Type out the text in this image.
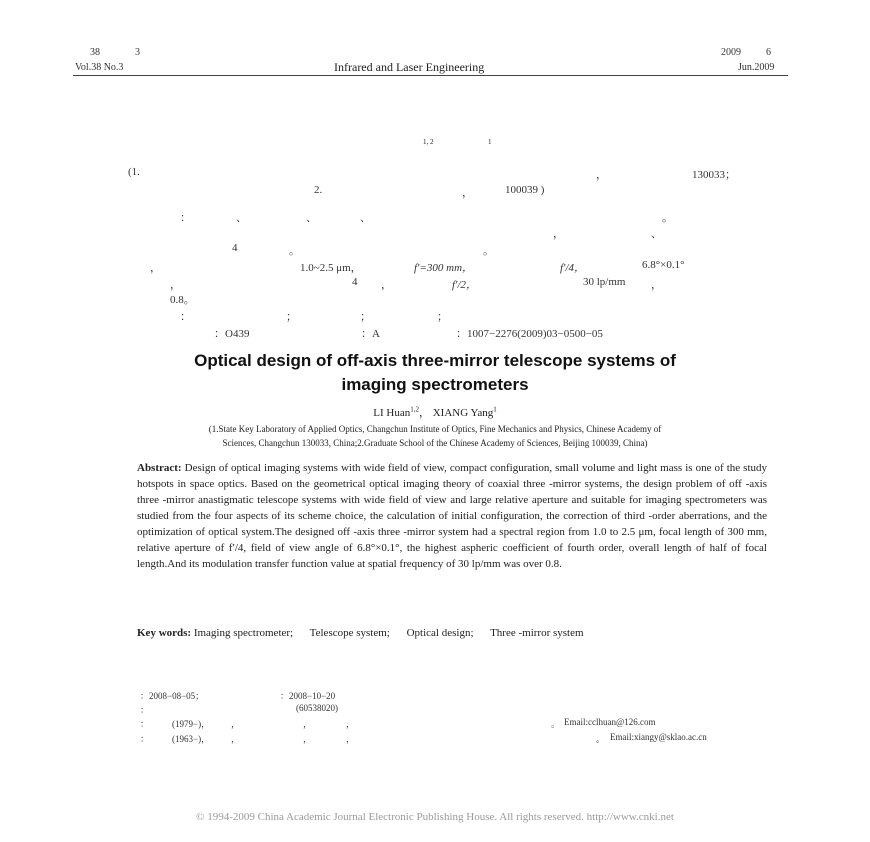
38	3	2009	6
Vol.38 No.3	Infrared and Laser Engineering	Jun.2009
1, 2	1
(1.	，	130033；
2.	，	100039 )
：	、	、	、	。
，	、
4	。	。
，	1.0~2.5 μm，	f′=300 mm，	f′/4，	6.8°×0.1°
，	4 ，	f′/2，	30 lp/mm ，
0.8。
：	；	；	；
：O439	：A	：1007−2276(2009)03−0500−05
Optical design of off-axis three-mirror telescope systems of
imaging spectrometers
LI Huan$^{1,2}$， XIANG Yang$^1$
(1.State Key Laboratory of Applied Optics, Changchun Institute of Optics, Fine Mechanics and Physics, Chinese Academy of
Sciences, Changchun 130033, China;2.Graduate School of the Chinese Academy of Sciences, Beijing 100039, China)
Abstract: Design of optical imaging systems with wide field of view, compact configuration, small volume and light mass is one of the study hotspots in space optics. Based on the geometrical optical imaging theory of coaxial three -mirror systems, the design problem of off -axis three -mirror anastigmatic telescope systems with wide field of view and large relative aperture and suitable for imaging spectrometers was studied from the four aspects of its scheme choice, the calculation of initial configuration, the correction of third -order aberrations, and the optimization of optical system.The designed off -axis three -mirror system had a spectral region from 1.0 to 2.5 μm, focal length of 300 mm, relative aperture of f′/4, field of view angle of 6.8°×0.1°, the highest aspheric coefficient of fourth order, overall length of half of focal length.And its modulation transfer function value at spatial frequency of 30 lp/mm was over 0.8.
Key words: Imaging spectrometer; Telescope system; Optical design; Three -mirror system
：2008−08−05；	：2008−10−20
：	(60538020)
：	(1979−)， ，	，	，	。 Email:cclhuan@126.com
：	(1963−)， ，	，	，	。 Email:xiangy@sklao.ac.cn
© 1994-2009 China Academic Journal Electronic Publishing House. All rights reserved. http://www.cnki.net
